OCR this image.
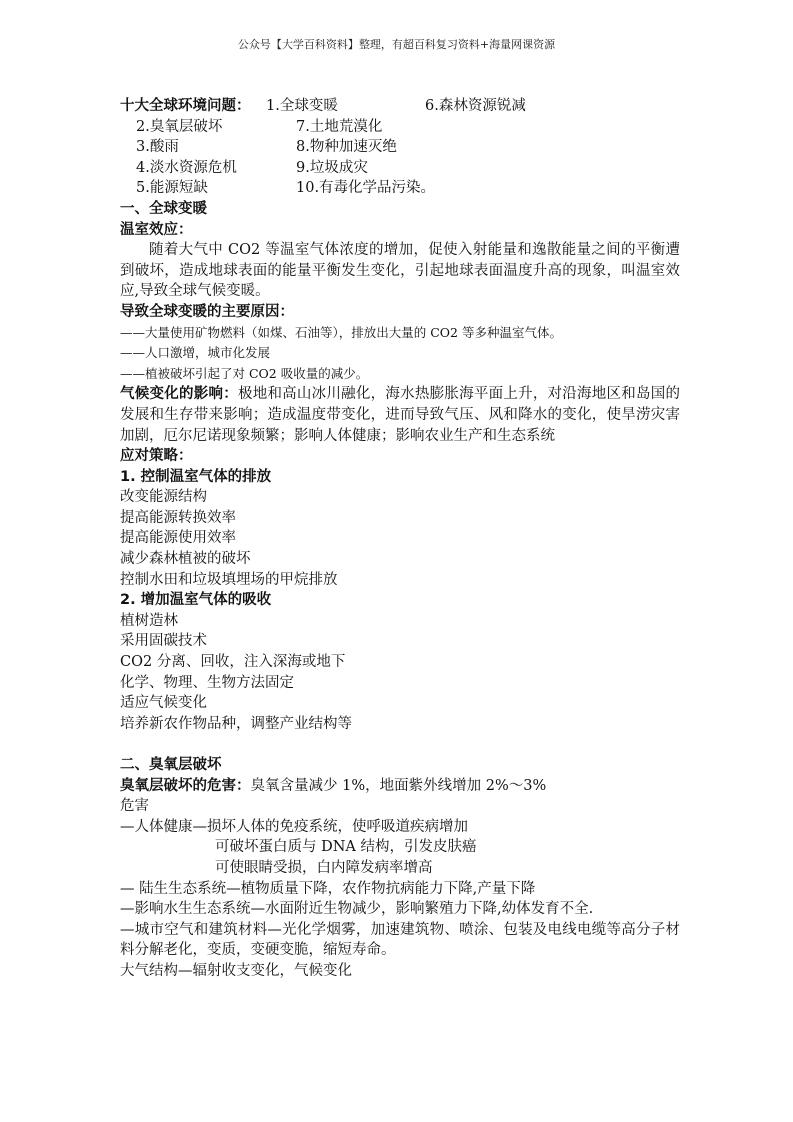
公众号【大学百科资料】整理，有超百科复习资料+海量网课资源
十大全球环境问题： 1.全球变暖	6.森林资源锐减
2.臭氧层破坏	7.土地荒漠化
3.酸雨	8.物种加速灭绝
4.淡水资源危机	9.垃圾成灾
5.能源短缺	10.有毒化学品污染。
一、全球变暖
温室效应：
随着大气中 CO2 等温室气体浓度的增加，促使入射能量和逸散能量之间的平衡遭到破坏，造成地球表面的能量平衡发生变化，引起地球表面温度升高的现象，叫温室效应,导致全球气候变暖。
导致全球变暖的主要原因：
——大量使用矿物燃料（如煤、石油等），排放出大量的 CO2 等多种温室气体。
——人口激增，城市化发展
——植被破坏引起了对 CO2 吸收量的减少。
气候变化的影响：极地和高山冰川融化，海水热膨胀海平面上升，对沿海地区和岛国的发展和生存带来影响；造成温度带变化，进而导致气压、风和降水的变化，使旱涝灾害加剧，厄尔尼诺现象频繁；影响人体健康；影响农业生产和生态系统
应对策略：
1. 控制温室气体的排放
改变能源结构
提高能源转换效率
提高能源使用效率
减少森林植被的破坏
控制水田和垃圾填埋场的甲烷排放
2. 增加温室气体的吸收
植树造林
采用固碳技术
CO2 分离、回收，注入深海或地下
化学、物理、生物方法固定
适应气候变化
培养新农作物品种，调整产业结构等
二、臭氧层破坏
臭氧层破坏的危害：臭氧含量减少 1%，地面紫外线增加 2%～3%
危害
—人体健康—损坏人体的免疫系统，使呼吸道疾病增加
可破坏蛋白质与 DNA 结构，引发皮肤癌
可使眼睛受损，白内障发病率增高
— 陆生生态系统—植物质量下降，农作物抗病能力下降,产量下降
—影响水生生态系统—水面附近生物减少，影响繁殖力下降,幼体发育不全.
—城市空气和建筑材料—光化学烟雾，加速建筑物、喷涂、包装及电线电缆等高分子材料分解老化，变质，变硬变脆，缩短寿命。
大气结构—辐射收支变化，气候变化
